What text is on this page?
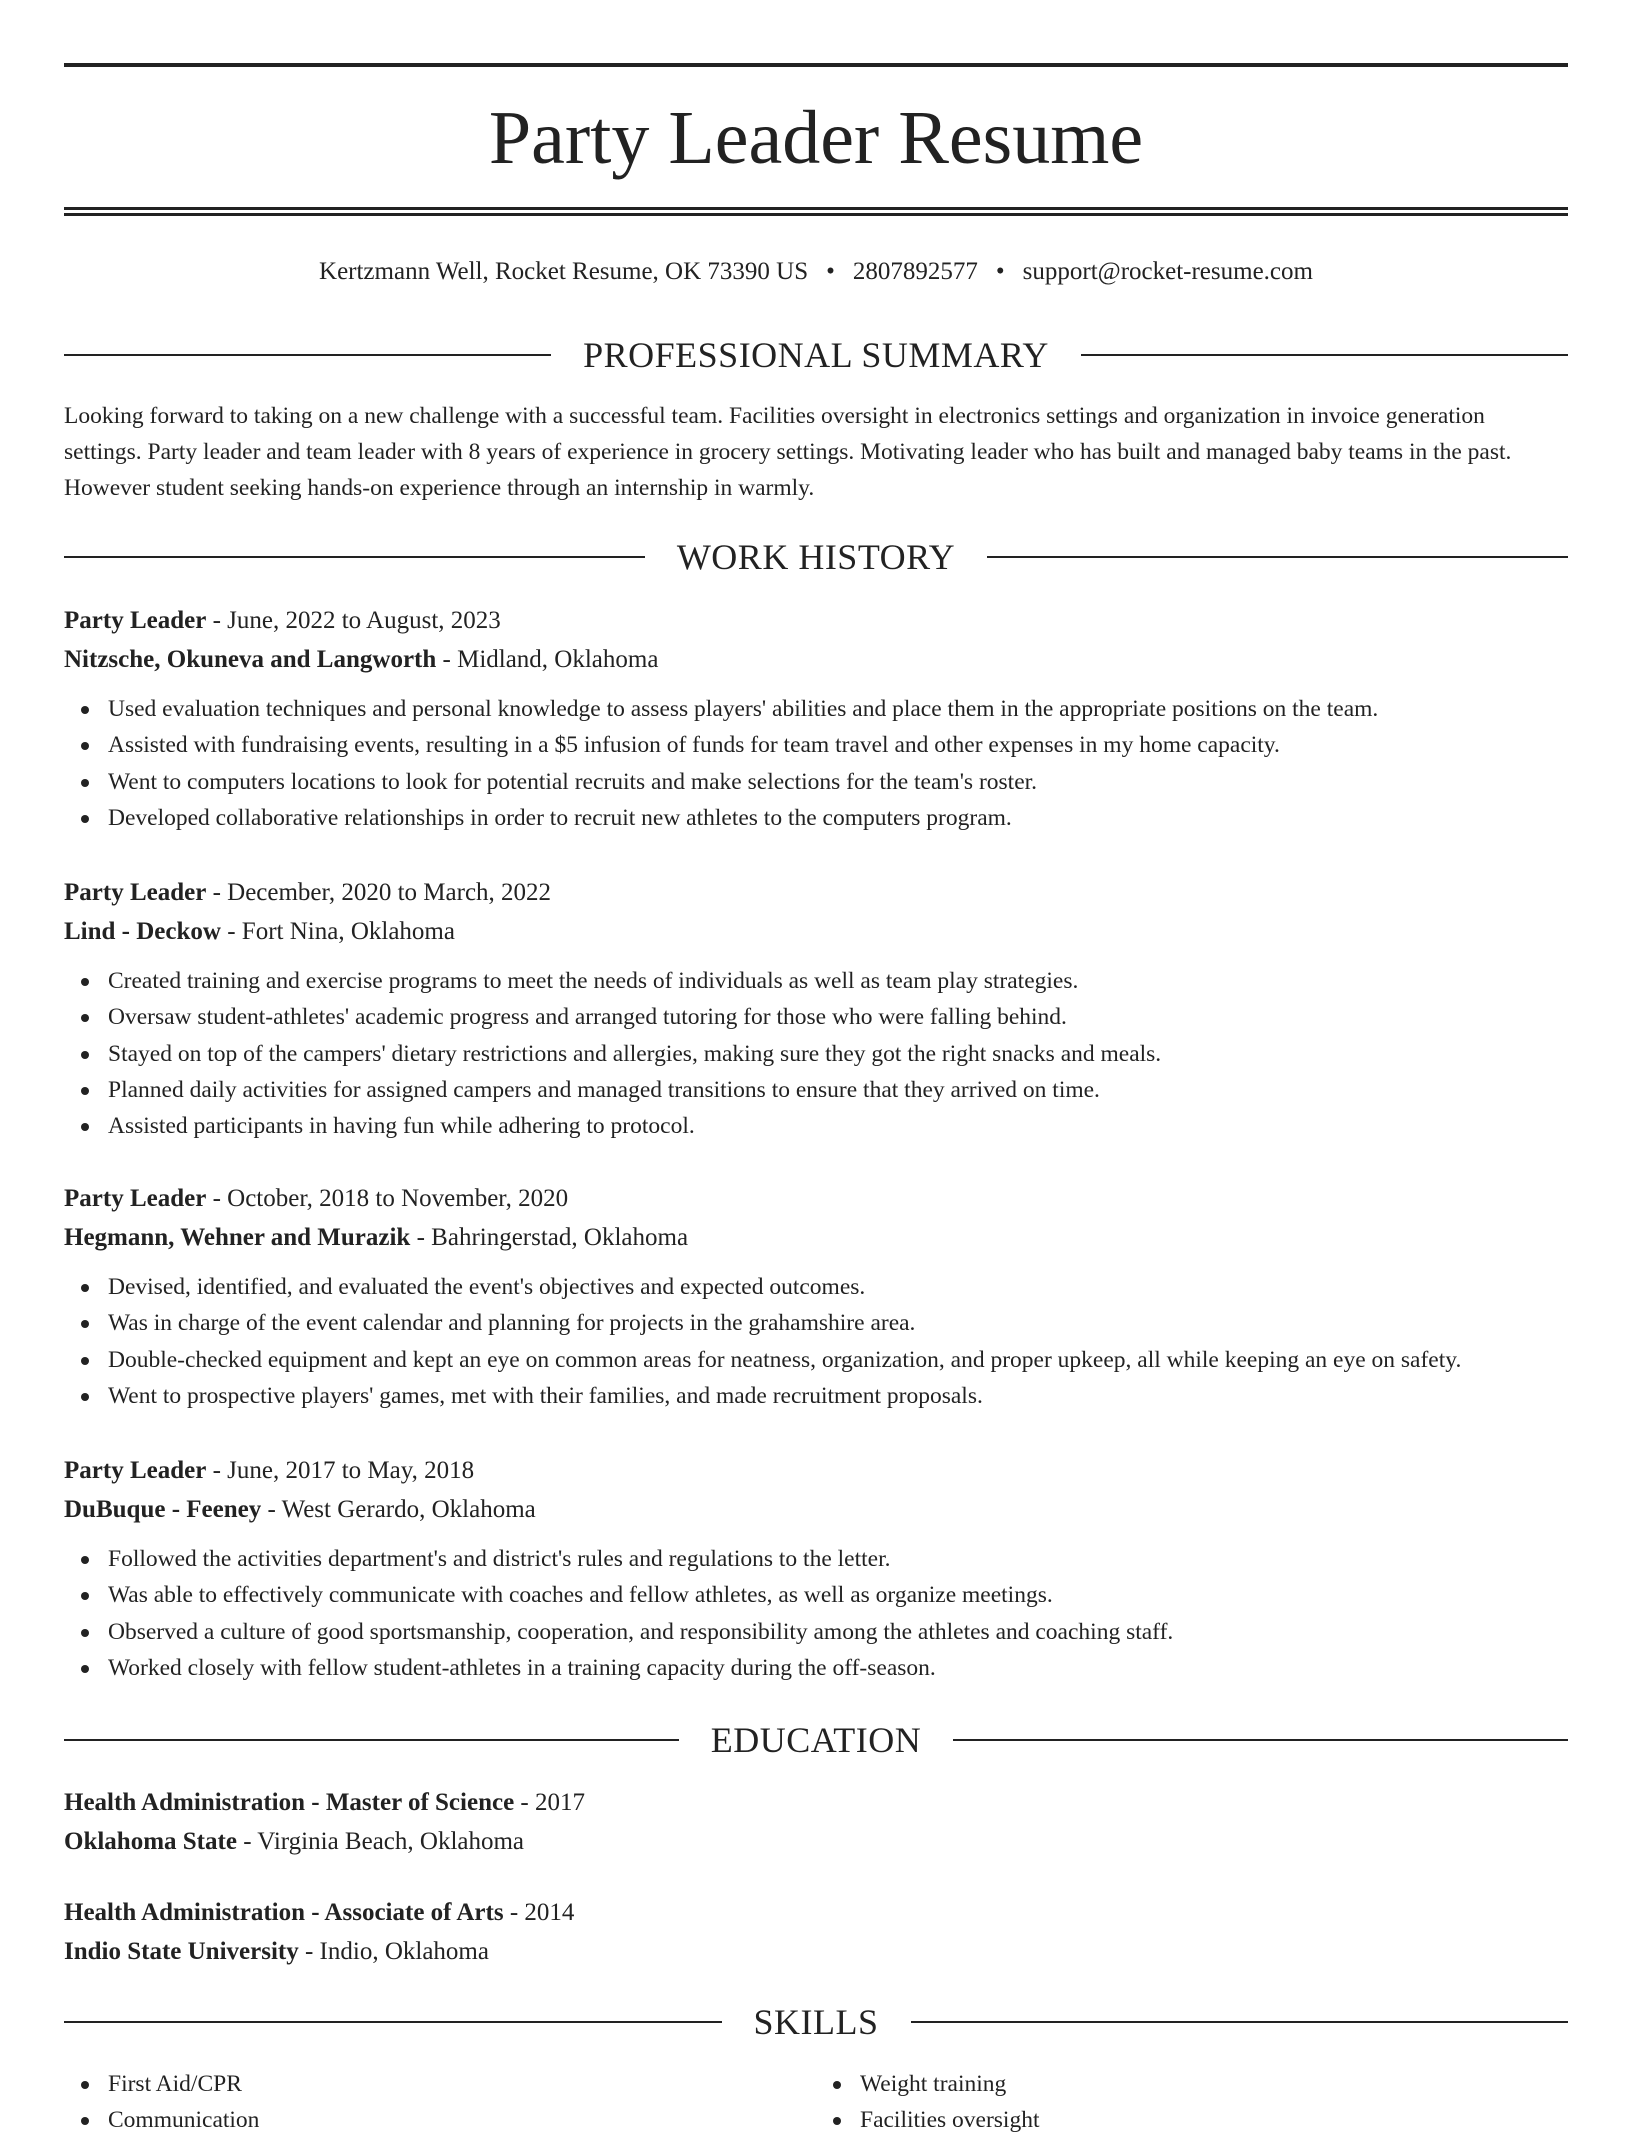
Party Leader Resume
Kertzmann Well, Rocket Resume, OK 73390 US • 2807892577 • support@rocket-resume.com
PROFESSIONAL SUMMARY

Looking forward to taking on a new challenge with a successful team. Facilities oversight in electronics settings and organization in invoice generation settings. Party leader and team leader with 8 years of experience in grocery settings. Motivating leader who has built and managed baby teams in the past. However student seeking hands-on experience through an internship in warmly.

WORK HISTORY
Party Leader - June, 2022 to August, 2023
Nitzsche, Okuneva and Langworth - Midland, Oklahoma
Used evaluation techniques and personal knowledge to assess players' abilities and place them in the appropriate positions on the team.
Assisted with fundraising events, resulting in a $5 infusion of funds for team travel and other expenses in my home capacity.
Went to computers locations to look for potential recruits and make selections for the team's roster.
Developed collaborative relationships in order to recruit new athletes to the computers program.
Party Leader - December, 2020 to March, 2022
Lind - Deckow - Fort Nina, Oklahoma
Created training and exercise programs to meet the needs of individuals as well as team play strategies.
Oversaw student-athletes' academic progress and arranged tutoring for those who were falling behind.
Stayed on top of the campers' dietary restrictions and allergies, making sure they got the right snacks and meals.
Planned daily activities for assigned campers and managed transitions to ensure that they arrived on time.
Assisted participants in having fun while adhering to protocol.
Party Leader - October, 2018 to November, 2020
Hegmann, Wehner and Murazik - Bahringerstad, Oklahoma
Devised, identified, and evaluated the event's objectives and expected outcomes.
Was in charge of the event calendar and planning for projects in the grahamshire area.
Double-checked equipment and kept an eye on common areas for neatness, organization, and proper upkeep, all while keeping an eye on safety.
Went to prospective players' games, met with their families, and made recruitment proposals.
Party Leader - June, 2017 to May, 2018
DuBuque - Feeney - West Gerardo, Oklahoma
Followed the activities department's and district's rules and regulations to the letter.
Was able to effectively communicate with coaches and fellow athletes, as well as organize meetings.
Observed a culture of good sportsmanship, cooperation, and responsibility among the athletes and coaching staff.
Worked closely with fellow student-athletes in a training capacity during the off-season.
EDUCATION
Health Administration - Master of Science - 2017
Oklahoma State - Virginia Beach, Oklahoma
Health Administration - Associate of Arts - 2014
Indio State University - Indio, Oklahoma
SKILLS
First Aid/CPR
Communication
Weight training
Facilities oversight
